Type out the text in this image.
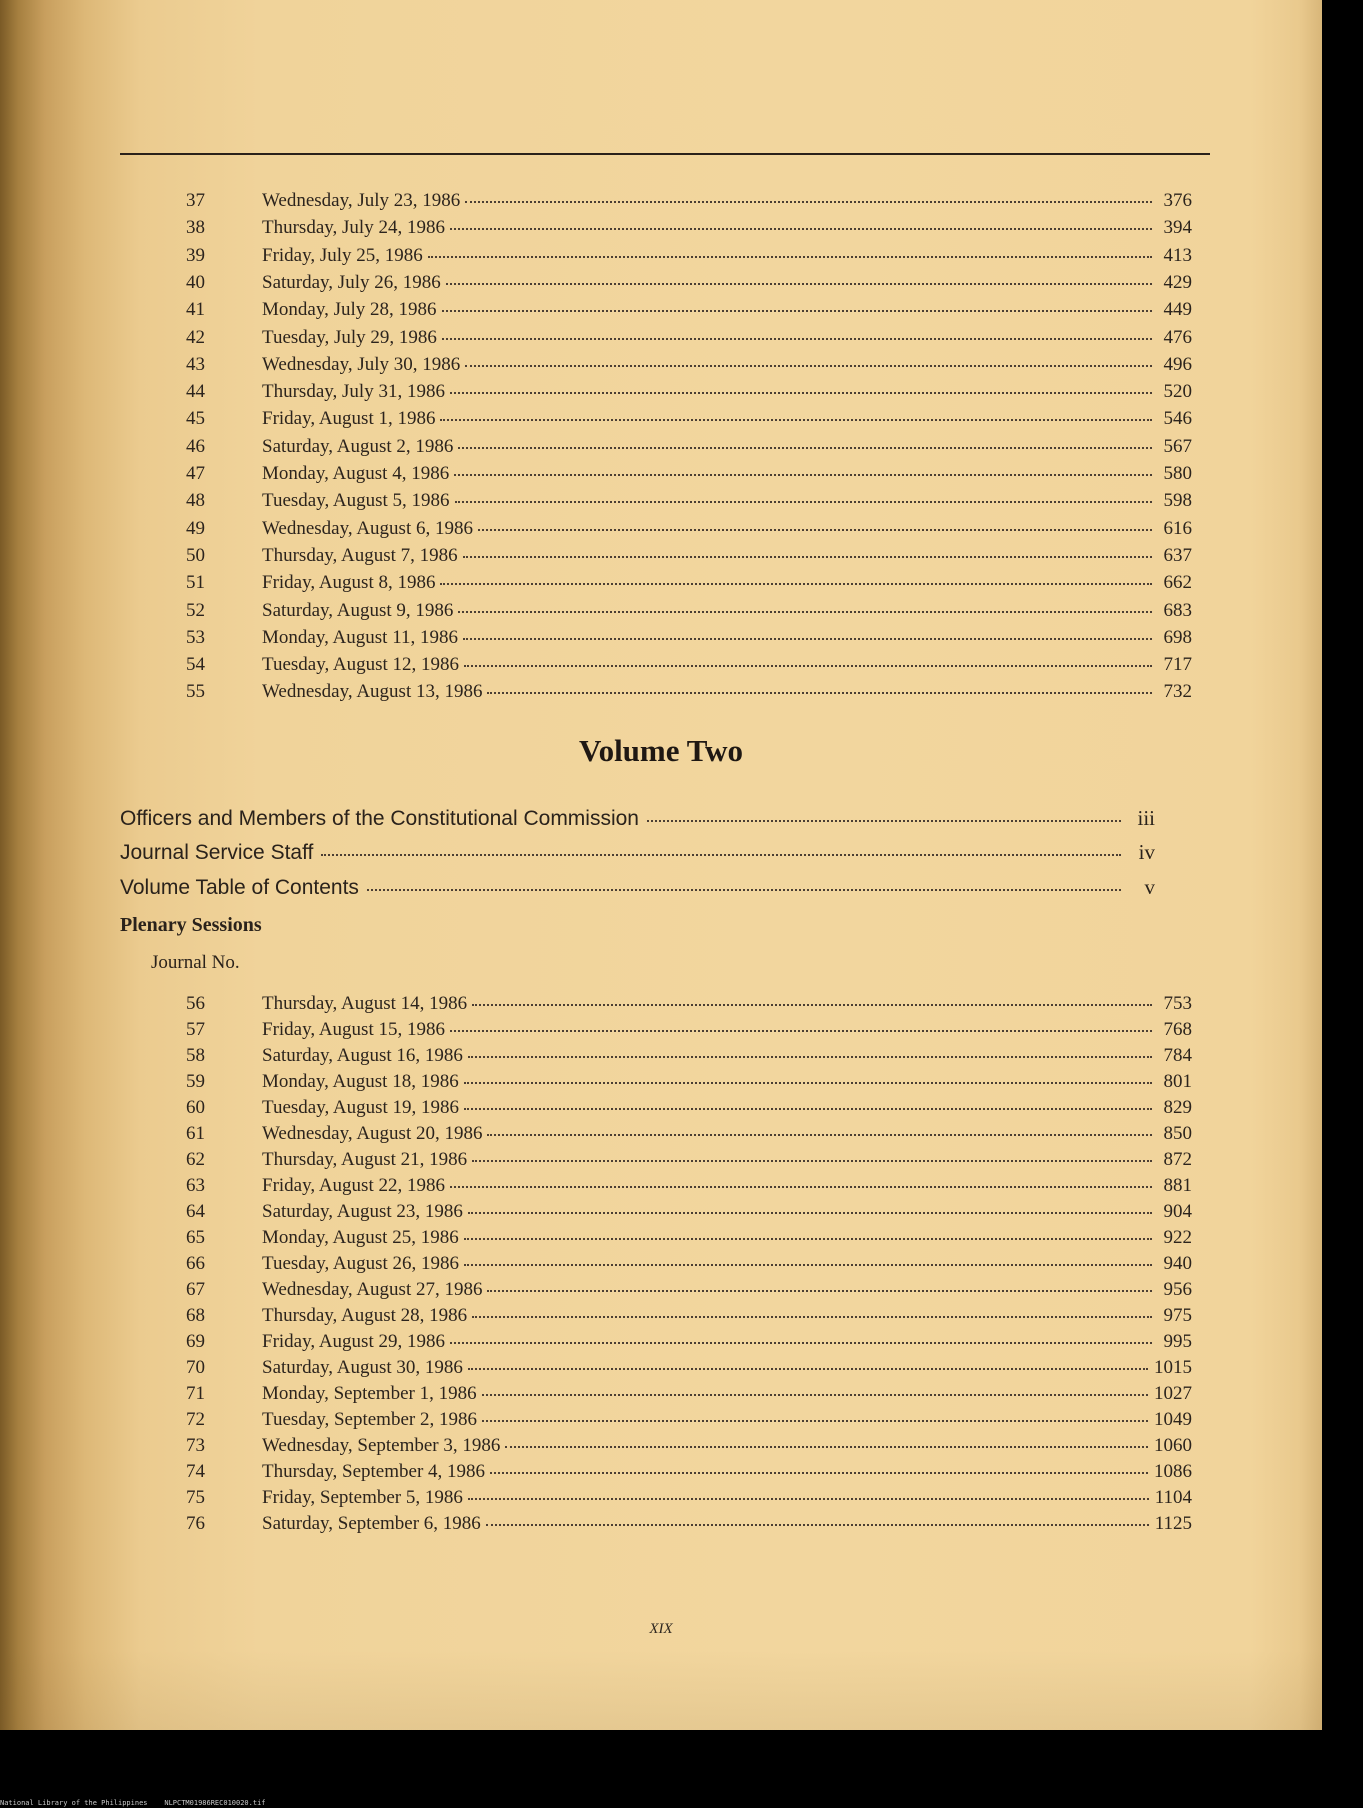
37	Wednesday, July 23, 1986	376
38	Thursday, July 24, 1986	394
39	Friday, July 25, 1986	413
40	Saturday, July 26, 1986	429
41	Monday, July 28, 1986	449
42	Tuesday, July 29, 1986	476
43	Wednesday, July 30, 1986	496
44	Thursday, July 31, 1986	520
45	Friday, August 1, 1986	546
46	Saturday, August 2, 1986	567
47	Monday, August 4, 1986	580
48	Tuesday, August 5, 1986	598
49	Wednesday, August 6, 1986	616
50	Thursday, August 7, 1986	637
51	Friday, August 8, 1986	662
52	Saturday, August 9, 1986	683
53	Monday, August 11, 1986	698
54	Tuesday, August 12, 1986	717
55	Wednesday, August 13, 1986	732
Volume Two
Officers and Members of the Constitutional Commission	iii
Journal Service Staff	iv
Volume Table of Contents	v
Plenary Sessions
Journal No.
56	Thursday, August 14, 1986	753
57	Friday, August 15, 1986	768
58	Saturday, August 16, 1986	784
59	Monday, August 18, 1986	801
60	Tuesday, August 19, 1986	829
61	Wednesday, August 20, 1986	850
62	Thursday, August 21, 1986	872
63	Friday, August 22, 1986	881
64	Saturday, August 23, 1986	904
65	Monday, August 25, 1986	922
66	Tuesday, August 26, 1986	940
67	Wednesday, August 27, 1986	956
68	Thursday, August 28, 1986	975
69	Friday, August 29, 1986	995
70	Saturday, August 30, 1986	1015
71	Monday, September 1, 1986	1027
72	Tuesday, September 2, 1986	1049
73	Wednesday, September 3, 1986	1060
74	Thursday, September 4, 1986	1086
75	Friday, September 5, 1986	1104
76	Saturday, September 6, 1986	1125
XIX
National Library of the Philippines    NLPCTM01986REC010020.tif
